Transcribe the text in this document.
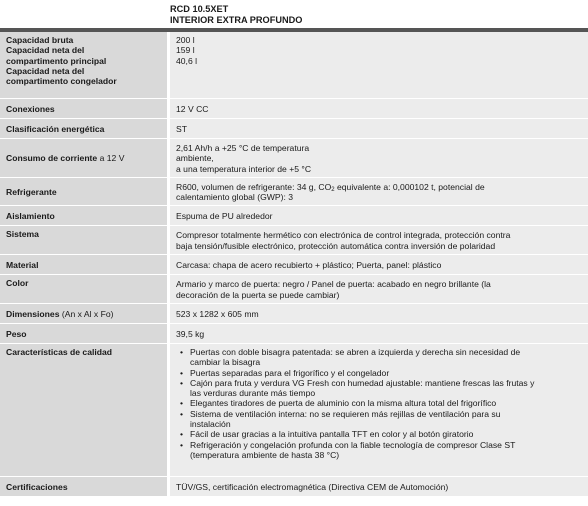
RCD 10.5XET
INTERIOR EXTRA PROFUNDO
Capacidad bruta
Capacidad neta del
compartimento principal
Capacidad neta del
compartimento congelador
200 l
159 l
40,6 l
Conexiones	12 V CC
Clasificación energética	ST
Consumo de corriente a 12 V
2,61 Ah/h a +25 °C de temperatura
ambiente,
a una temperatura interior de +5 °C
Refrigerante
R600, volumen de refrigerante: 34 g, $CO_2$ equivalente a: 0,000102 t, potencial de
calentamiento global (GWP): 3
Aislamiento	Espuma de PU alrededor
Sistema	Compresor totalmente hermético con electrónica de control integrada, protección contra
baja tensión/fusible electrónico, protección automática contra inversión de polaridad
Material	Carcasa: chapa de acero recubierto + plástico; Puerta, panel: plástico
Color	Armario y marco de puerta: negro / Panel de puerta: acabado en negro brillante (la
decoración de la puerta se puede cambiar)
Dimensiones (An x Al x Fo)	523 x 1282 x 605 mm
Peso	39,5 kg
Características de calidad
•	Puertas con doble bisagra patentada: se abren a izquierda y derecha sin necesidad de
cambiar la bisagra
• Puertas separadas para el frigorífico y el congelador
• Cajón para fruta y verdura VG Fresh con humedad ajustable: mantiene frescas las frutas y
las verduras durante más tiempo
• Elegantes tiradores de puerta de aluminio con la misma altura total del frigorífico
• Sistema de ventilación interna: no se requieren más rejillas de ventilación para su
instalación
• Fácil de usar gracias a la intuitiva pantalla TFT en color y al botón giratorio
• Refrigeración y congelación profunda con la fiable tecnología de compresor Clase ST
(temperatura ambiente de hasta 38 °C)
Certificaciones	TÜV/GS, certificación electromagnética (Directiva CEM de Automoción)
